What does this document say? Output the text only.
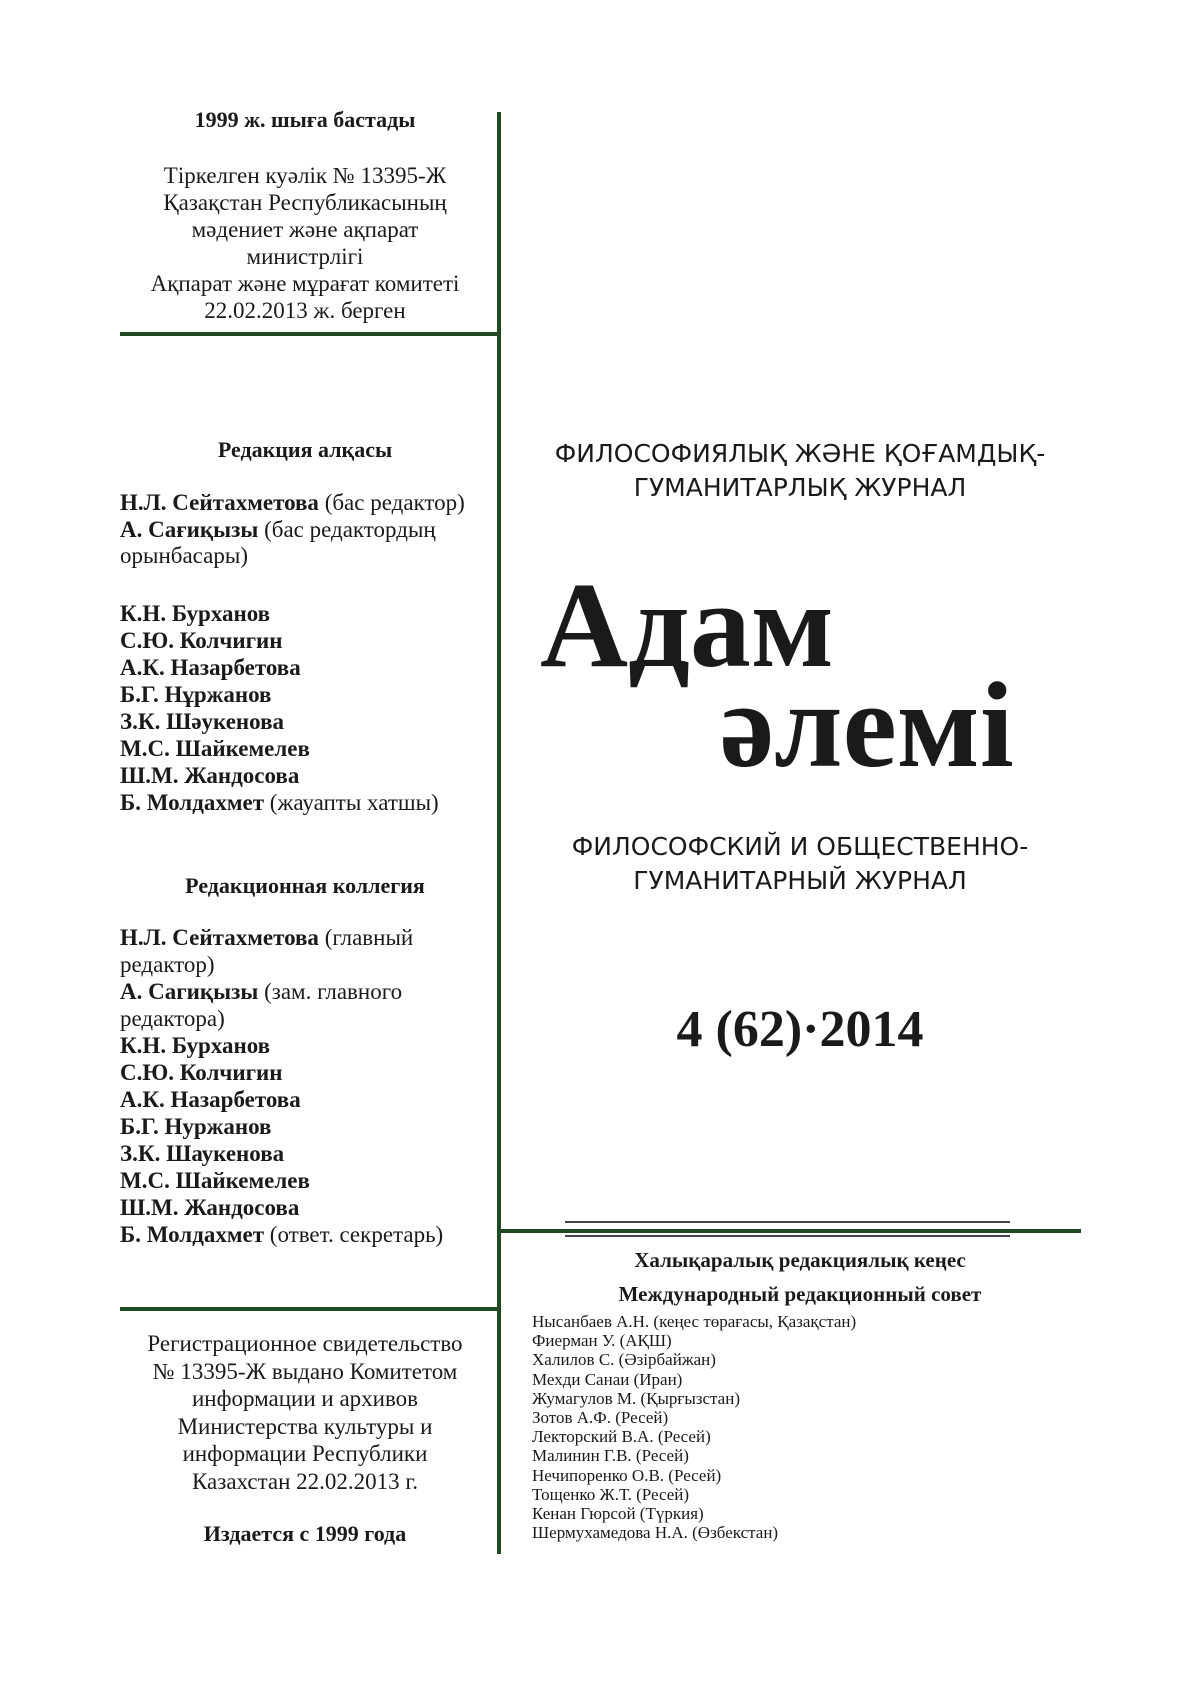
1999 ж. шыға бастады
Тіркелген куәлік № 13395-Ж
Қазақстан Республикасының
мәдениет және ақпарат
министрлігі
Ақпарат және мұрағат комитеті
22.02.2013 ж. берген
Редакция алқасы
Н.Л. Сейтахметова (бас редактор)
А. Сағиқызы (бас редактордың
орынбасары)
К.Н. Бурханов
С.Ю. Колчигин
А.К. Назарбетова
Б.Г. Нұржанов
З.К. Шәукенова
М.С. Шайкемелев
Ш.М. Жандосова
Б. Молдахмет (жауапты хатшы)
Редакционная коллегия
Н.Л. Сейтахметова (главный
редактор)
А. Сагиқызы (зам. главного
редактора)
К.Н. Бурханов
С.Ю. Колчигин
А.К. Назарбетова
Б.Г. Нуржанов
З.К. Шаукенова
М.С. Шайкемелев
Ш.М. Жандосова
Б. Молдахмет (ответ. секретарь)
Регистрационное свидетельство
№ 13395-Ж выдано Комитетом
информации и архивов
Министерства культуры и
информации Республики
Казахстан 22.02.2013 г.
Издается с 1999 года
ФИЛОСОФИЯЛЫҚ ЖӘНЕ ҚОҒАМДЫҚ-
ГУМАНИТАРЛЫҚ ЖУРНАЛ
Адам
әлемі
ФИЛОСОФСКИЙ И ОБЩЕСТВЕННО-
ГУМАНИТАРНЫЙ ЖУРНАЛ
4 (62)·2014
Халықаралық редакциялық кеңес
Международный редакционный совет
Нысанбаев А.Н. (кеңес төрағасы, Қазақстан)
Фиерман У. (АҚШ)
Халилов С. (Әзірбайжан)
Мехди Санаи (Иран)
Жумагулов М. (Қырғызстан)
Зотов А.Ф. (Ресей)
Лекторский В.А. (Ресей)
Малинин Г.В. (Ресей)
Нечипоренко О.В. (Ресей)
Тощенко Ж.Т. (Ресей)
Кенан Гюрсой (Түркия)
Шермухамедова Н.А. (Өзбекстан)
